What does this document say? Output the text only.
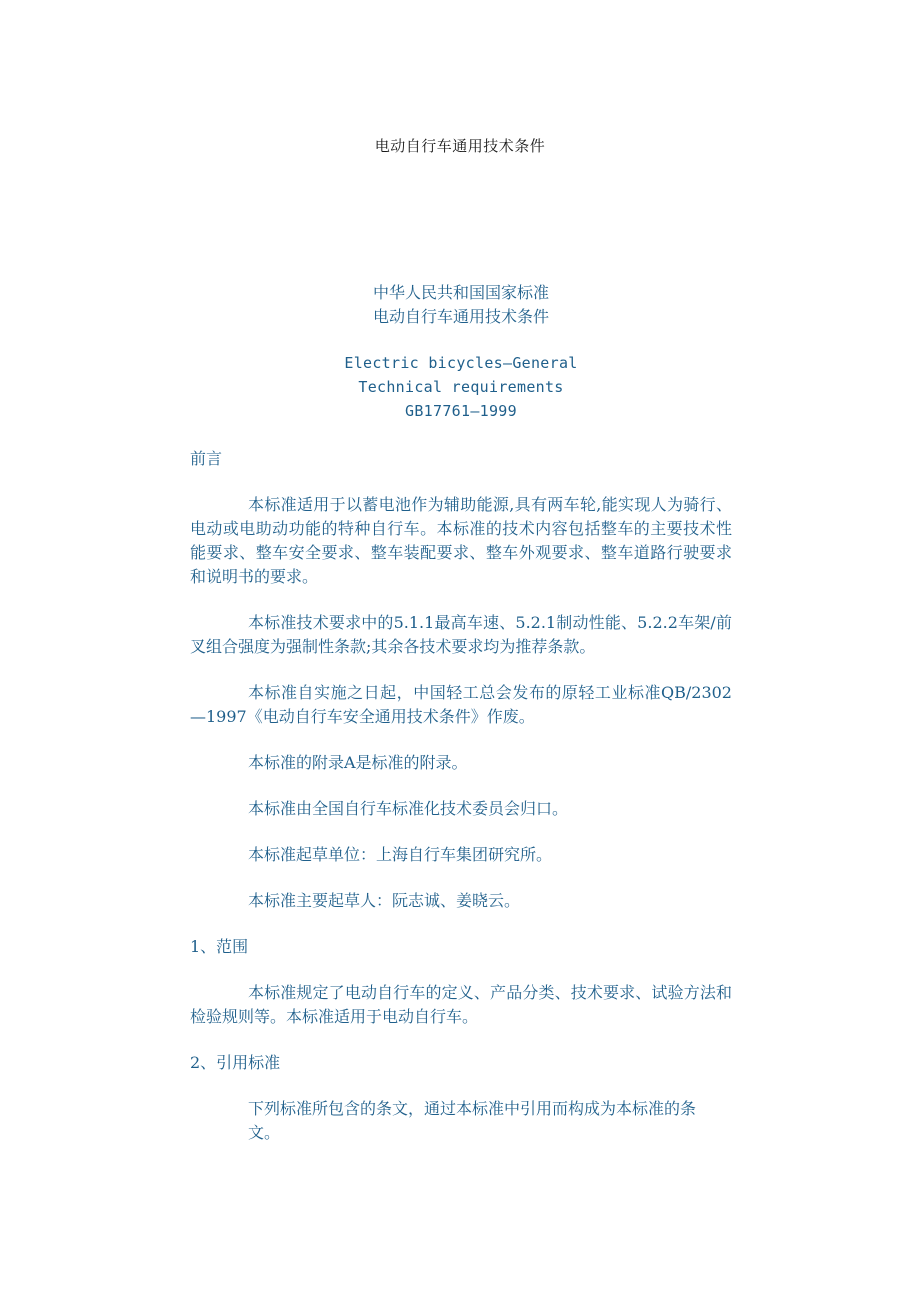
电动自行车通用技术条件
中华人民共和国国家标准
电动自行车通用技术条件
Electric bicycles—General
Technical requirements
GB17761—1999
前言

本标准适用于以蓄电池作为辅助能源,具有两车轮,能实现人为骑行、 电动或电助动功能的特种自行车。本标准的技术内容包括整车的主要技术性 能要求、整车安全要求、整车装配要求、整车外观要求、整车道路行驶要求 和说明书的要求。

本标准技术要求中的5.1.1最高车速、5.2.1制动性能、5.2.2车架/前叉组合强度为强制性条款;其余各技术要求均为推荐条款。

本标准自实施之日起，中国轻工总会发布的原轻工业标准QB/2302—1997《电动自行车安全通用技术条件》作废。

本标准的附录A是标准的附录。

本标准由全国自行车标准化技术委员会归口。

本标准起草单位：上海自行车集团研究所。

本标准主要起草人：阮志诚、姜晓云。

1、范围

本标准规定了电动自行车的定义、产品分类、技术要求、试验方法和 检验规则等。本标准适用于电动自行车。

2、引用标准

下列标准所包含的条文，通过本标准中引用而构成为本标准的条文。
